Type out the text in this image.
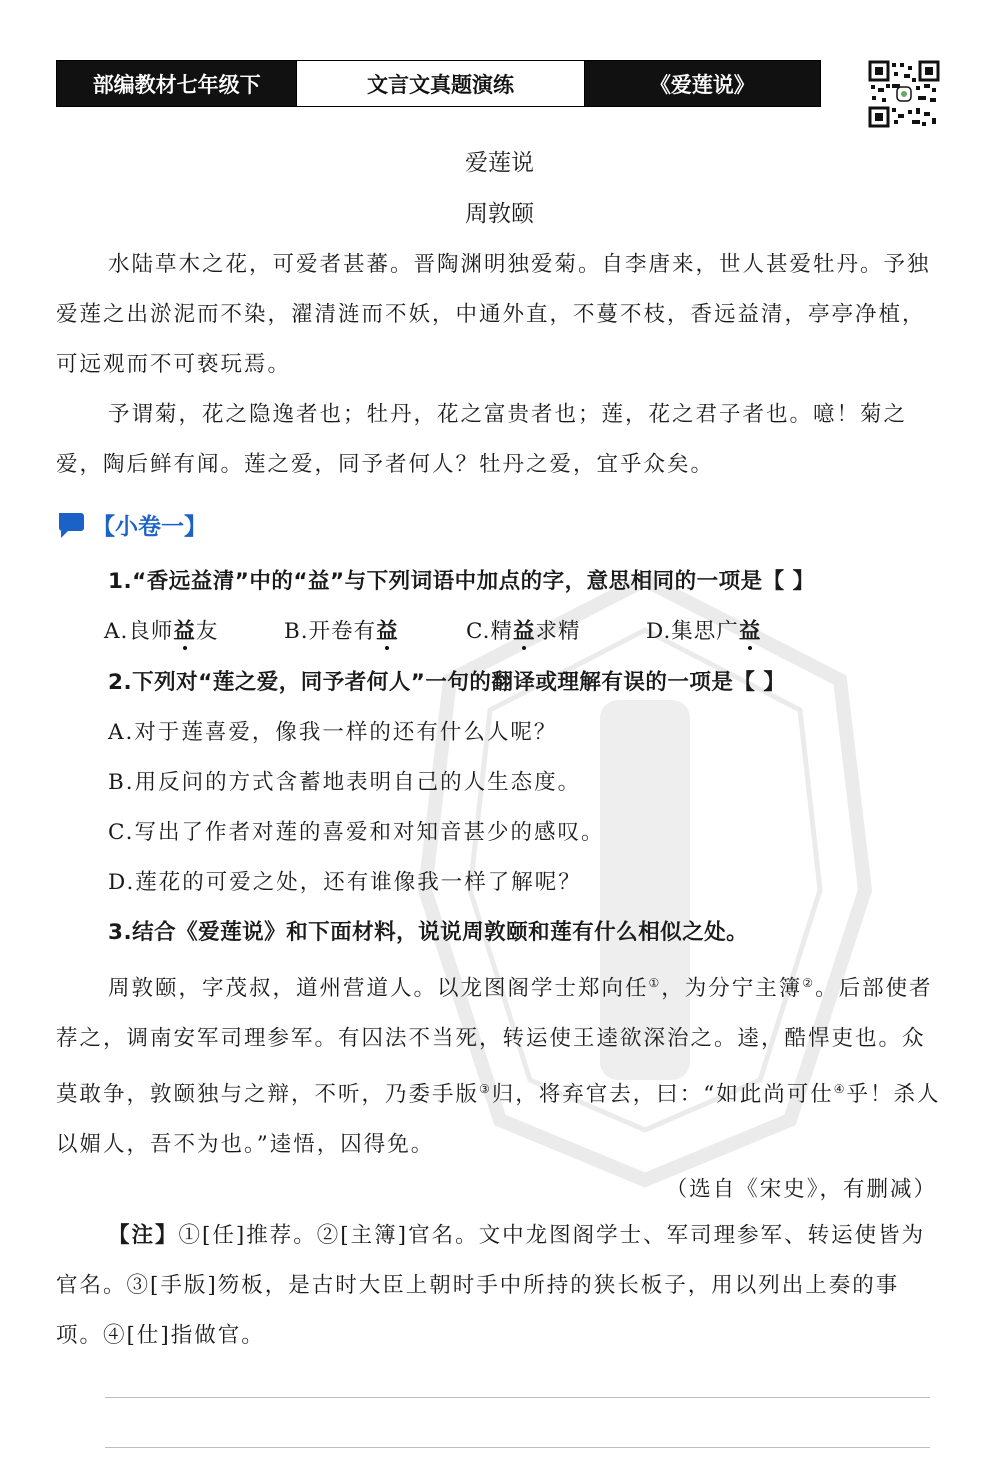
部编教材七年级下	文言文真题演练	《爱莲说》
爱莲说
周敦颐
水陆草木之花，可爱者甚蕃。晋陶渊明独爱菊。自李唐来，世人甚爱牡丹。予独爱莲之出淤泥而不染，濯清涟而不妖，中通外直，不蔓不枝，香远益清，亭亭净植，可远观而不可亵玩焉。
予谓菊，花之隐逸者也；牡丹，花之富贵者也；莲，花之君子者也。噫！菊之爱，陶后鲜有闻。莲之爱，同予者何人？牡丹之爱，宜乎众矣。
【小卷一】
1.“香远益清”中的“益”与下列词语中加点的字，意思相同的一项是【 】
A.良师益友	B.开卷有益	C.精益求精	D.集思广益
2.下列对“莲之爱，同予者何人”一句的翻译或理解有误的一项是【 】
A.对于莲喜爱，像我一样的还有什么人呢？
B.用反问的方式含蓄地表明自己的人生态度。
C.写出了作者对莲的喜爱和对知音甚少的感叹。
D.莲花的可爱之处，还有谁像我一样了解呢？
3.结合《爱莲说》和下面材料，说说周敦颐和莲有什么相似之处。
周敦颐，字茂叔，道州营道人。以龙图阁学士郑向任①，为分宁主簿②。后部使者荐之，调南安军司理参军。有囚法不当死，转运使王逵欲深治之。逵，酷悍吏也。众莫敢争，敦颐独与之辩，不听，乃委手版③归，将弃官去，曰：“如此尚可仕④乎！杀人以媚人，吾不为也。”逵悟，囚得免。
（选自《宋史》，有删减）
【注】①[任]推荐。②[主簿]官名。文中龙图阁学士、军司理参军、转运使皆为官名。③[手版]笏板，是古时大臣上朝时手中所持的狭长板子，用以列出上奏的事项。④[仕]指做官。
